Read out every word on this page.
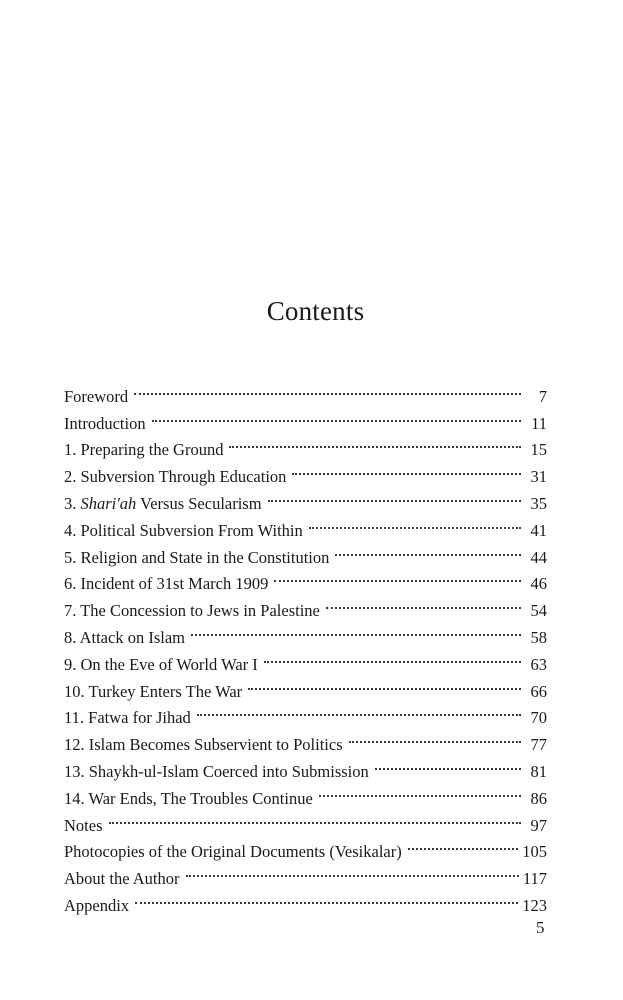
Contents
Foreword	7
Introduction	11
1. Preparing the Ground	15
2. Subversion Through Education	31
3. Shari'ah Versus Secularism	35
4. Political Subversion From Within	41
5. Religion and State in the Constitution	44
6. Incident of 31st March 1909	46
7. The Concession to Jews in Palestine	54
8. Attack on Islam	58
9. On the Eve of World War I	63
10. Turkey Enters The War	66
11. Fatwa for Jihad	70
12. Islam Becomes Subservient to Politics	77
13. Shaykh-ul-Islam Coerced into Submission	81
14. War Ends, The Troubles Continue	86
Notes	97
Photocopies of the Original Documents (Vesikalar)	105
About the Author	117
Appendix	123
5
